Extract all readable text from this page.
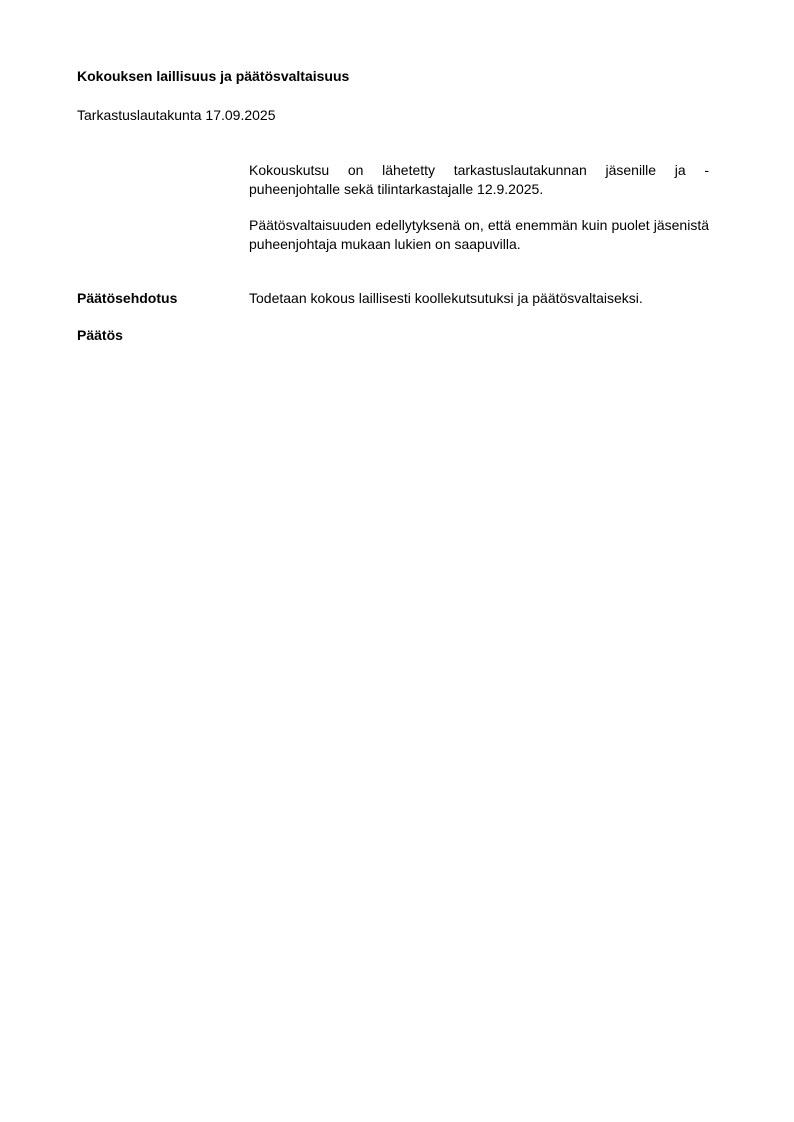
Kokouksen laillisuus ja päätösvaltaisuus
Tarkastuslautakunta 17.09.2025
Kokouskutsu on lähetetty tarkastuslautakunnan jäsenille ja -puheenjohtalle sekä tilintarkastajalle 12.9.2025.
Päätösvaltaisuuden edellytyksenä on, että enemmän kuin puolet jäsenistä puheenjohtaja mukaan lukien on saapuvilla.
Päätösehdotus	Todetaan kokous laillisesti koollekutsutuksi ja päätösvaltaiseksi.
Päätös
